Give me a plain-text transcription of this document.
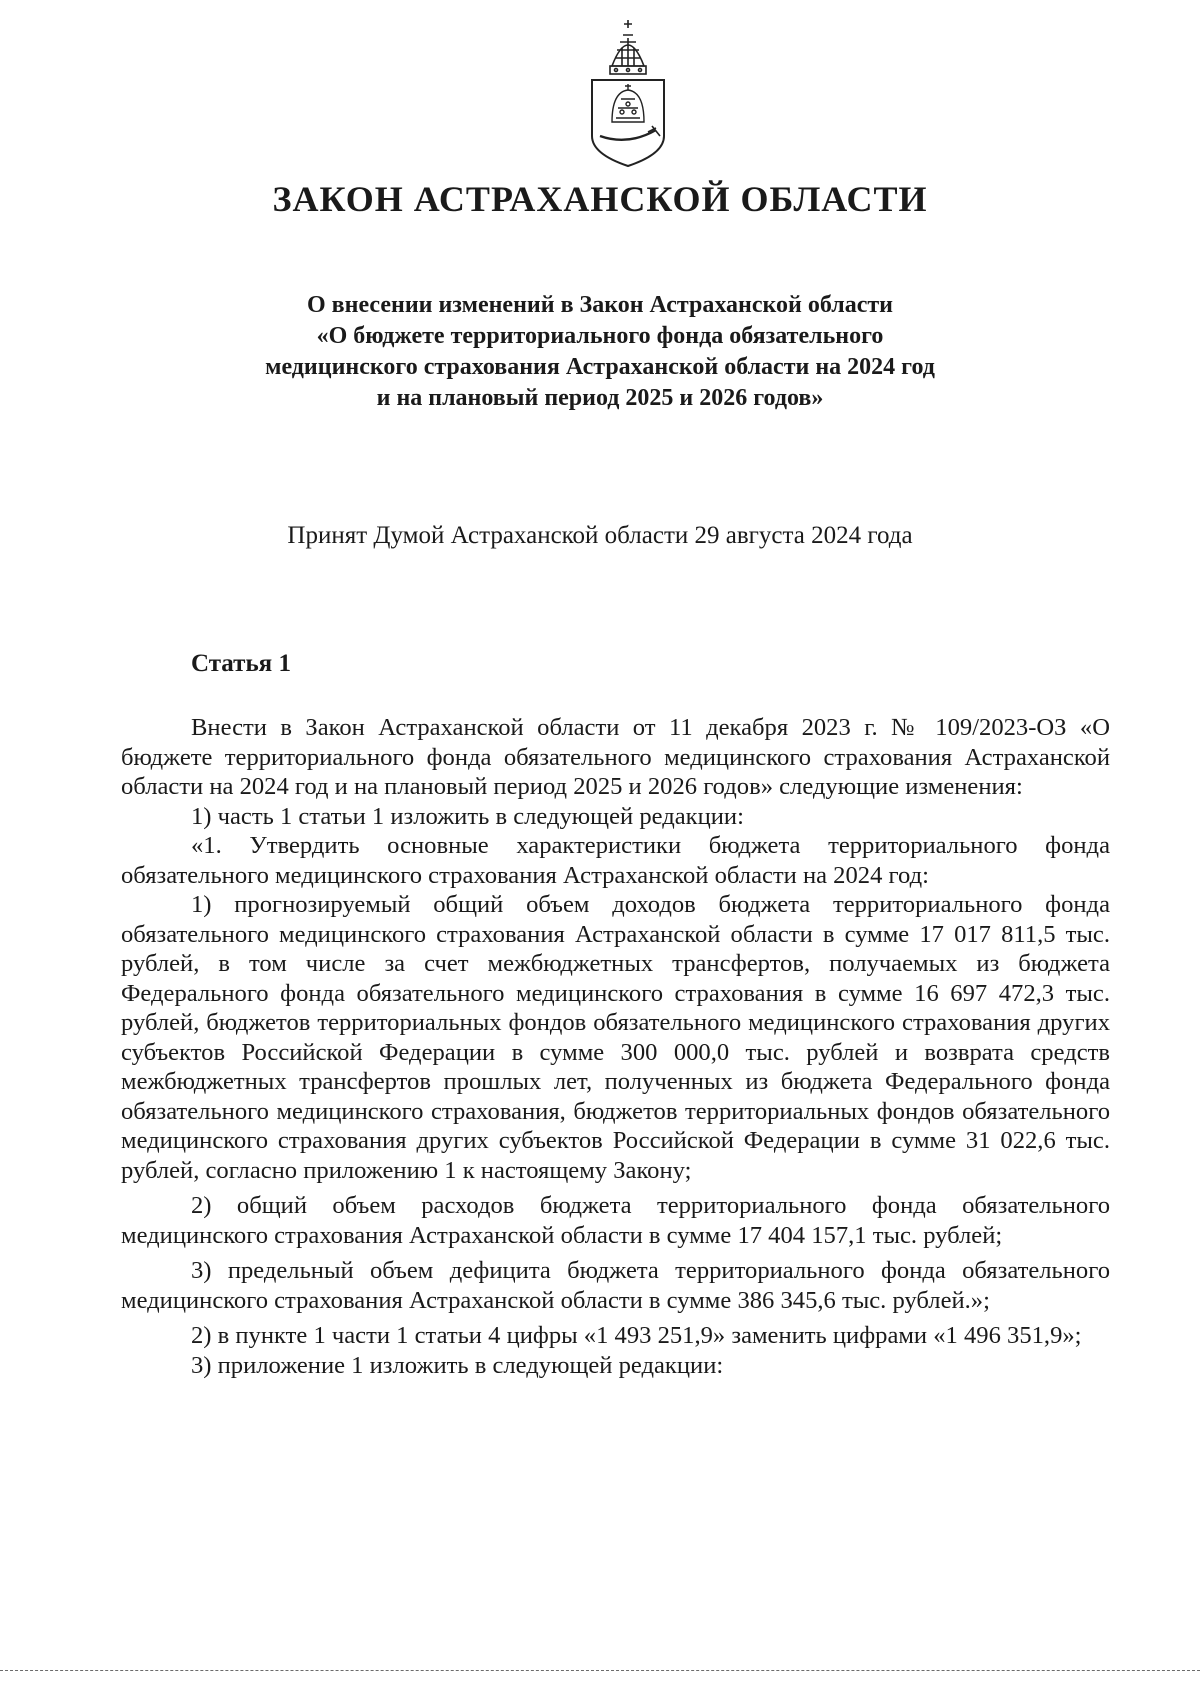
ЗАКОН АСТРАХАНСКОЙ ОБЛАСТИ
О внесении изменений в Закон Астраханской области
«О бюджете территориального фонда обязательного
медицинского страхования Астраханской области на 2024 год
и на плановый период 2025 и 2026 годов»
Принят Думой Астраханской области 29 августа 2024 года
Статья 1

Внести в Закон Астраханской области от 11 декабря 2023 г. № 109/2023-ОЗ «О бюджете территориального фонда обязательного медицинского страхования Астраханской области на 2024 год и на плановый период 2025 и 2026 годов» следующие изменения:

1) часть 1 статьи 1 изложить в следующей редакции:

«1. Утвердить основные характеристики бюджета территориального фонда обязательного медицинского страхования Астраханской области на 2024 год:

1) прогнозируемый общий объем доходов бюджета территориального фонда обязательного медицинского страхования Астраханской области в сумме 17 017 811,5 тыс. рублей, в том числе за счет межбюджетных трансфертов, получаемых из бюджета Федерального фонда обязательного медицинского страхования в сумме 16 697 472,3 тыс. рублей, бюджетов территориальных фондов обязательного медицинского страхования других субъектов Российской Федерации в сумме 300 000,0 тыс. рублей и возврата средств межбюджетных трансфертов прошлых лет, полученных из бюджета Федерального фонда обязательного медицинского страхования, бюджетов территориальных фондов обязательного медицинского страхования других субъектов Российской Федерации в сумме 31 022,6 тыс. рублей, согласно приложению 1 к настоящему Закону;

2) общий объем расходов бюджета территориального фонда обязательного медицинского страхования Астраханской области в сумме 17 404 157,1 тыс. рублей;

3) предельный объем дефицита бюджета территориального фонда обязательного медицинского страхования Астраханской области в сумме 386 345,6 тыс. рублей.»;

2) в пункте 1 части 1 статьи 4 цифры «1 493 251,9» заменить цифрами «1 496 351,9»;

3) приложение 1 изложить в следующей редакции:
